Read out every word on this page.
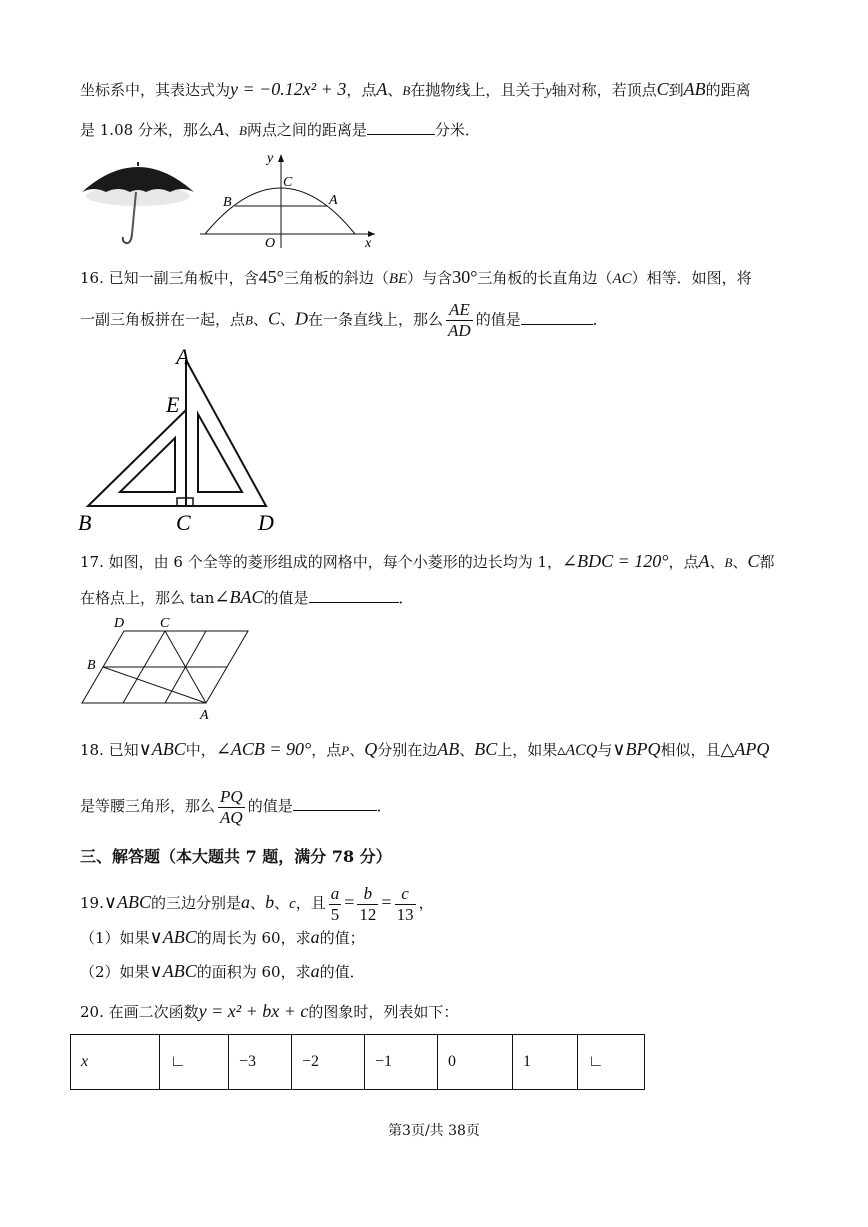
坐标系中，其表达式为y = −0.12x² + 3，点A、B在抛物线上，且关于y轴对称，若顶点C到AB的距离
是 1.08 分米，那么A、B两点之间的距离是	分米．
y
C
B	A
O	x
16. 已知一副三角板中，含45°三角板的斜边（BE）与含30°三角板的长直角边（AC）相等．如图，将
一副三角板拼在一起，点B、C、D在一条直线上，那么 $\frac{AE}{AD}$ 的值是	．
A
E
B	C	D
17. 如图，由 6 个全等的菱形组成的网格中，每个小菱形的边长均为 1，∠BDC = 120°，点A、B、C都
在格点上，那么 tan∠BAC的值是	．
D	C
B
A
18. 已知∨ABC中，∠ACB = 90°，点P、Q分别在边AB、BC上，如果▵ACQ与∨BPQ相似，且△APQ
是等腰三角形，那么 $\frac{PQ}{AQ}$ 的值是	．
三、解答题（本大题共 7 题，满分 78 分）
19.∨ABC的三边分别是a、b、c，且 $\frac{a}{5} = \frac{b}{12} = \frac{c}{13}$ ，
（1）如果∨ABC的周长为 60，求a的值；
（2）如果∨ABC的面积为 60，求a的值．
20. 在画二次函数y = x² + bx + c的图象时，列表如下：
x	∟	−3	−2	−1	0	1	∟
第3页/共 38页
